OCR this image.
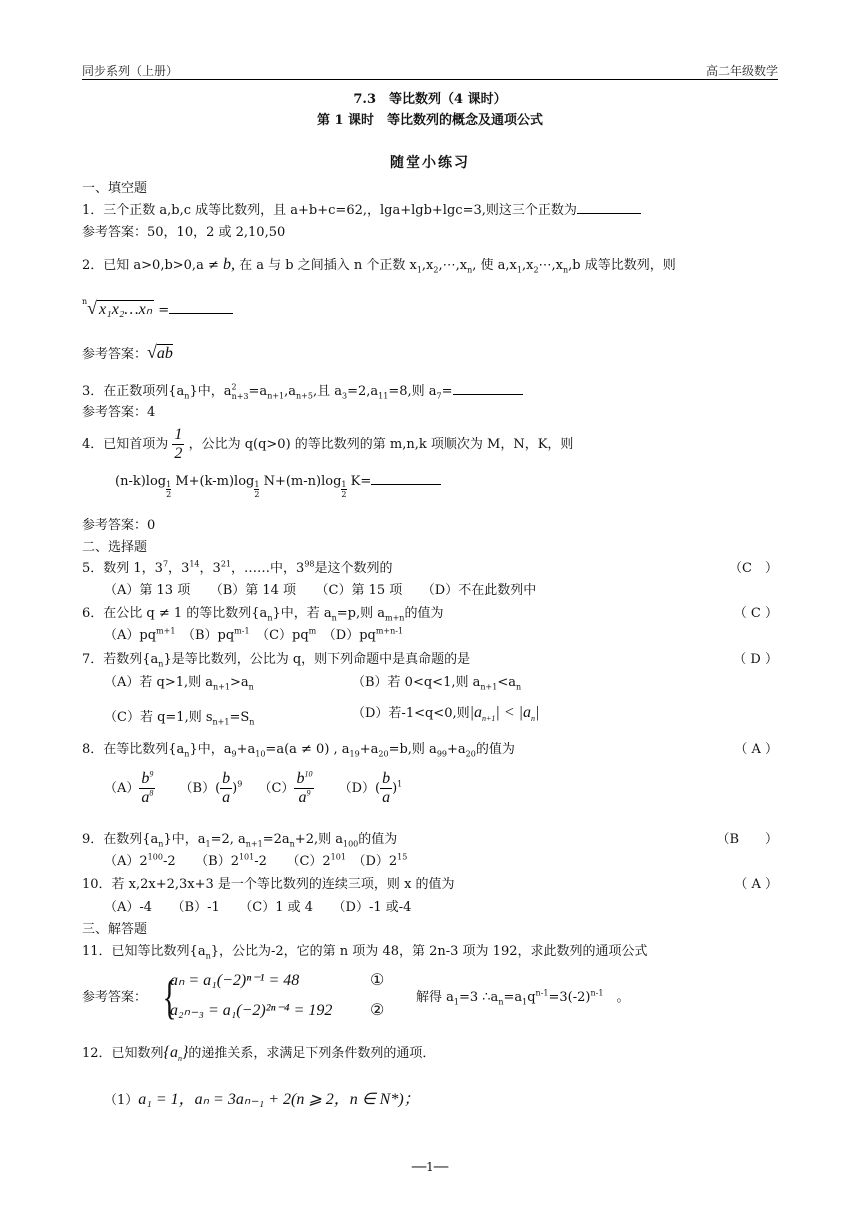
同步系列（上册）	高二年级数学
7.3　等比数列（4 课时）
第 1 课时　等比数列的概念及通项公式
随堂小练习
一、填空题
1．三个正数 a,b,c 成等比数列，且 a+b+c=62,，lga+lgb+lgc=3,则这三个正数为
参考答案：50，10，2 或 2,10,50
2．已知 a>0,b>0,a ≠ b, 在 a 与 b 之间插入 n 个正数 $x_1,x_2,\cdots,x_n$, 使 $a,x_1,x_2\cdots,x_n,b$ 成等比数列，则
$^n$√ x₁x₂…xₙ =
参考答案：√ab
3．在正数项列$\{a_n\}$中，$a^2_{n+3}=a_{n+1},a_{n+5}$,且 $a_3=2,a_{11}=8$,则 $a_7=$
参考答案：4
4．已知首项为 $\frac{1}{2}$ ，公比为 q(q>0) 的等比数列的第 m,n,k 项顺次为 M，N，K，则
$(n-k)\log \frac{1}{2} M+(k-m)\log \frac{1}{2} N+(m-n)\log \frac{1}{2} K=$
参考答案：0
二、选择题
5．数列 1，$3^7$，$3^{14}$，$3^{21}$，……中，$3^{98}$是这个数列的	（C　）
（A）第 13 项　　（B）第 14 项　　（C）第 15 项　　（D）不在此数列中
6．在公比 q ≠ 1 的等比数列$\{a_n\}$中，若 $a_n=p$,则 $a_{m+n}$的值为	（ C ）
$(A)pq^{m+1}$　 $(B)pq^{m-1}$　 $(C)pq^m$　 $(D)pq^{m+n-1}$
7．若数列$\{a_n\}$是等比数列，公比为 q，则下列命题中是真命题的是	（ D ）
（A）若 q>1,则 $a_{n+1}>a_n$	（B）若 0<q<1,则 $a_{n+1}<a_n$
（C）若 q=1,则 $s_{n+1}=S_n$
（D）若-1<q<0,则$|a_{n+1}| < |a_n|$
8．在等比数列$\{a_n\}$中，$a_9+a_{10}=a(a \ne 0)$ , $a_{19}+a_{20}=b$,则 $a_{99}+a_{20}$的值为	（ A ）
$(A) \frac{b^9}{a^8} (B)( \frac{b}{a} )^9$ $(C) \frac{b^{10}}{a^9} (D)( \frac{b}{a} )^1$
9．在数列$\{a_n\}$中，$a_1=2$, $a_{n+1}=2a_n+2$,则 $a_{100}$的值为	（B　　）
$(A)2^{100}-2$　　 $(B)2^{101}-2$　　 $(C)2^{101}$　 $(D)2^{15}$
10．若 x,2x+2,3x+3 是一个等比数列的连续三项，则 x 的值为	（ A ）
（A）-4　　（B）-1　　（C）1 或 4　　（D）-1 或-4
三、解答题
11．已知等比数列$\{a_n\}$，公比为-2，它的第 n 项为 48，第 2n-3 项为 192，求此数列的通项公式
参考答案： {
aₙ = a₁(−2)ⁿ⁻¹ = 48
a₂ₙ₋₃ = a₁(−2)²ⁿ⁻⁴ = 192
①
②
解得 $a_1=3$ $\therefore a_n=a_1q^{n-1}=3(-2)^{n-1}$　 。
12．已知数列$\{a_n\}$的递推关系，求满足下列条件数列的通项．
（1）a₁ = 1，aₙ = 3aₙ₋₁ + 2(n ⩾ 2，n ∈ N*)；
──1──
